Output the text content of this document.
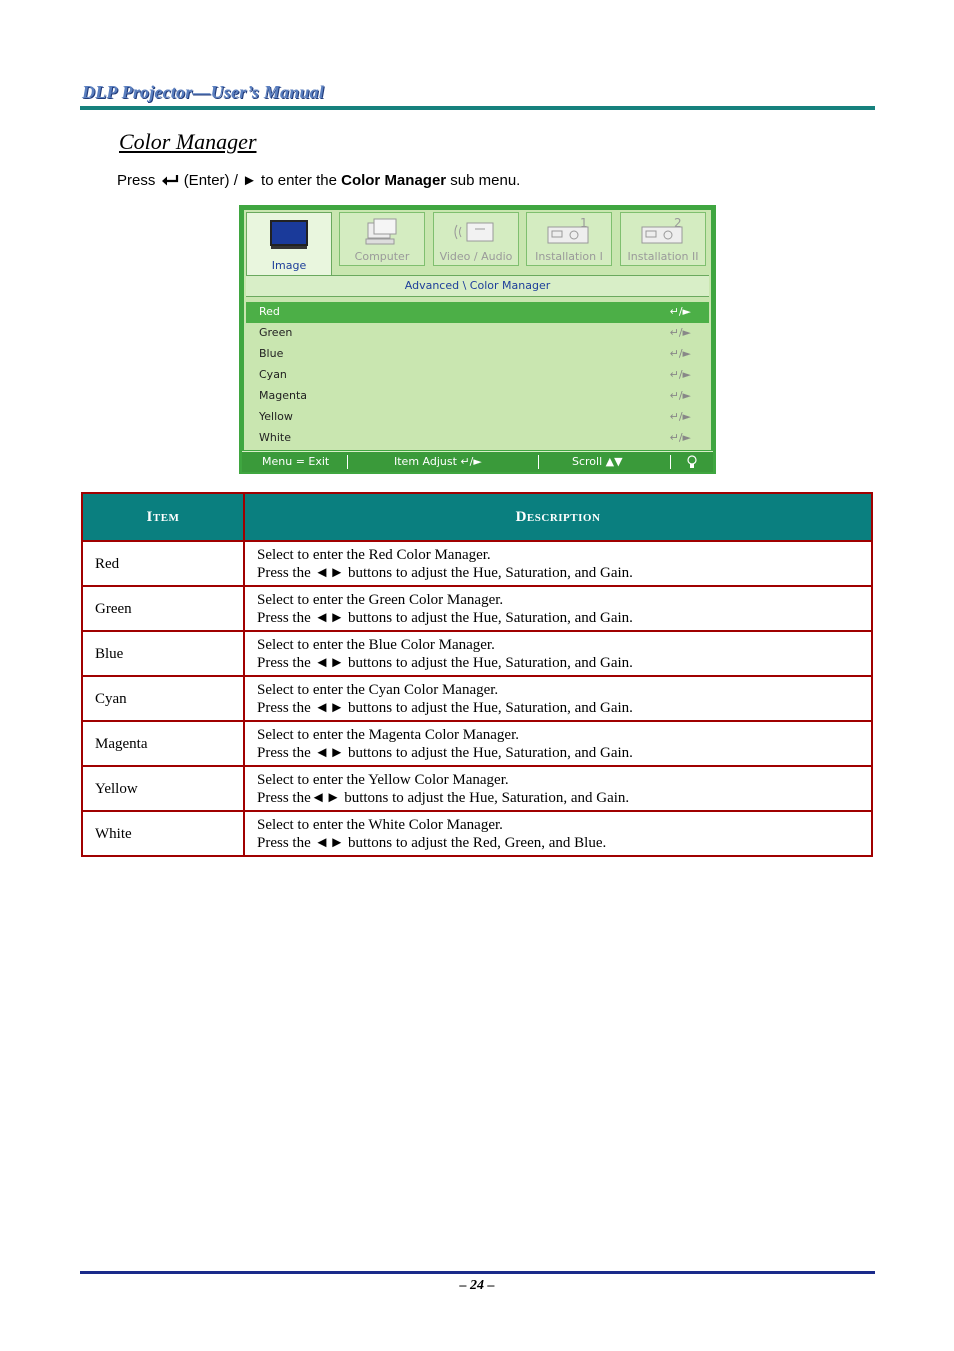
DLP Projector—User’s Manual
Color Manager
Press (Enter) / ► to enter the Color Manager sub menu.
Image
Computer	Video / Audio
1
Installation I
2
Installation II
Advanced \ Color Manager
Red	↵/►
Green	↵/►
Blue	↵/►
Cyan	↵/►
Magenta	↵/►
Yellow	↵/►
White	↵/►
Menu = Exit	Item Adjust ↵/►	Scroll ▲▼
Item	Description
Red	Select to enter the Red Color Manager.
Press the ◄► buttons to adjust the Hue, Saturation, and Gain.

Green	Select to enter the Green Color Manager.
Press the ◄► buttons to adjust the Hue, Saturation, and Gain.

Blue	Select to enter the Blue Color Manager.
Press the ◄► buttons to adjust the Hue, Saturation, and Gain.

Cyan	Select to enter the Cyan Color Manager.
Press the ◄► buttons to adjust the Hue, Saturation, and Gain.

Magenta	Select to enter the Magenta Color Manager.
Press the ◄► buttons to adjust the Hue, Saturation, and Gain.

Yellow	Select to enter the Yellow Color Manager.
Press the◄► buttons to adjust the Hue, Saturation, and Gain.

White	Select to enter the White Color Manager.
Press the ◄► buttons to adjust the Red, Green, and Blue.
– 24 –
